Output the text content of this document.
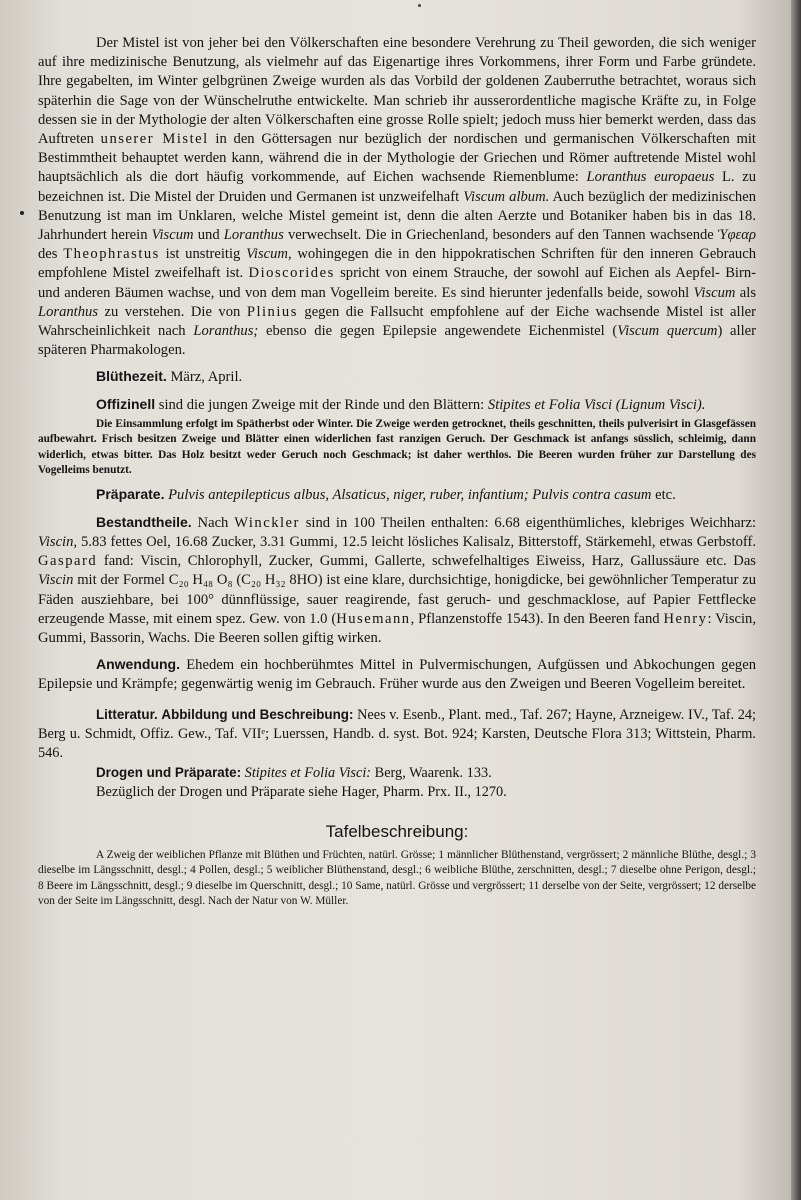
Der Mistel ist von jeher bei den Völkerschaften eine besondere Verehrung zu Theil geworden, die sich weniger auf ihre medizinische Benutzung, als vielmehr auf das Eigenartige ihres Vorkommens, ihrer Form und Farbe gründete. Ihre gegabelten, im Winter gelbgrünen Zweige wurden als das Vorbild der goldenen Zauberruthe betrachtet, woraus sich späterhin die Sage von der Wünschelruthe entwickelte. Man schrieb ihr ausserordentliche magische Kräfte zu, in Folge dessen sie in der Mythologie der alten Völkerschaften eine grosse Rolle spielt; jedoch muss hier bemerkt werden, dass das Auftreten unserer Mistel in den Göttersagen nur bezüglich der nordischen und germanischen Völkerschaften mit Bestimmtheit behauptet werden kann, während die in der Mythologie der Griechen und Römer auftretende Mistel wohl hauptsächlich als die dort häufig vorkommende, auf Eichen wachsende Riemenblume: Loranthus europaeus L. zu bezeichnen ist. Die Mistel der Druiden und Germanen ist unzweifelhaft Viscum album. Auch bezüglich der medizinischen Benutzung ist man im Unklaren, welche Mistel gemeint ist, denn die alten Aerzte und Botaniker haben bis in das 18. Jahrhundert herein Viscum und Loranthus verwechselt. Die in Griechenland, besonders auf den Tannen wachsende Ὑφεαρ des Theophrastus ist unstreitig Viscum, wohingegen die in den hippokratischen Schriften für den inneren Gebrauch empfohlene Mistel zweifelhaft ist. Dioscorides spricht von einem Strauche, der sowohl auf Eichen als Aepfel- Birn- und anderen Bäumen wachse, und von dem man Vogelleim bereite. Es sind hierunter jedenfalls beide, sowohl Viscum als Loranthus zu verstehen. Die von Plinius gegen die Fallsucht empfohlene auf der Eiche wachsende Mistel ist aller Wahrscheinlichkeit nach Loranthus; ebenso die gegen Epilepsie angewendete Eichenmistel (Viscum quercum) aller späteren Pharmakologen.

Blüthezeit. März, April.

Offizinell sind die jungen Zweige mit der Rinde und den Blättern: Stipites et Folia Visci (Lignum Visci).

Die Einsammlung erfolgt im Spätherbst oder Winter. Die Zweige werden getrocknet, theils geschnitten, theils pulverisirt in Glasgefässen aufbewahrt. Frisch besitzen Zweige und Blätter einen widerlichen fast ranzigen Geruch. Der Geschmack ist anfangs süsslich, schleimig, dann widerlich, etwas bitter. Das Holz besitzt weder Geruch noch Geschmack; ist daher werthlos. Die Beeren wurden früher zur Darstellung des Vogelleims benutzt.

Präparate. Pulvis antepilepticus albus, Alsaticus, niger, ruber, infantium; Pulvis contra casum etc.

Bestandtheile. Nach Winckler sind in 100 Theilen enthalten: 6.68 eigenthümliches, klebriges Weichharz: Viscin, 5.83 fettes Oel, 16.68 Zucker, 3.31 Gummi, 12.5 leicht lösliches Kalisalz, Bitterstoff, Stärkemehl, etwas Gerbstoff. Gaspard fand: Viscin, Chlorophyll, Zucker, Gummi, Gallerte, schwefelhaltiges Eiweiss, Harz, Gallussäure etc. Das Viscin mit der Formel C₂₀ H₄₈ O₈ (C₂₀ H₃₂ 8HO) ist eine klare, durchsichtige, honigdicke, bei gewöhnlicher Temperatur zu Fäden ausziehbare, bei 100° dünnflüssige, sauer reagirende, fast geruch- und geschmacklose, auf Papier Fettflecke erzeugende Masse, mit einem spez. Gew. von 1.0 (Husemann, Pflanzenstoffe 1543). In den Beeren fand Henry: Viscin, Gummi, Bassorin, Wachs. Die Beeren sollen giftig wirken.

Anwendung. Ehedem ein hochberühmtes Mittel in Pulvermischungen, Aufgüssen und Abkochungen gegen Epilepsie und Krämpfe; gegenwärtig wenig im Gebrauch. Früher wurde aus den Zweigen und Beeren Vogelleim bereitet.

Litteratur. Abbildung und Beschreibung: Nees v. Esenb., Plant. med., Taf. 267; Hayne, Arzneigew. IV., Taf. 24; Berg u. Schmidt, Offiz. Gew., Taf. VIIᵉ; Luerssen, Handb. d. syst. Bot. 924; Karsten, Deutsche Flora 313; Wittstein, Pharm. 546.

Drogen und Präparate: Stipites et Folia Visci: Berg, Waarenk. 133.

Bezüglich der Drogen und Präparate siehe Hager, Pharm. Prx. II., 1270.

Tafelbeschreibung:

A Zweig der weiblichen Pflanze mit Blüthen und Früchten, natürl. Grösse; 1 männlicher Blüthenstand, vergrössert; 2 männliche Blüthe, desgl.; 3 dieselbe im Längsschnitt, desgl.; 4 Pollen, desgl.; 5 weiblicher Blüthenstand, desgl.; 6 weibliche Blüthe, zerschnitten, desgl.; 7 dieselbe ohne Perigon, desgl.; 8 Beere im Längsschnitt, desgl.; 9 dieselbe im Querschnitt, desgl.; 10 Same, natürl. Grösse und vergrössert; 11 derselbe von der Seite, vergrössert; 12 derselbe von der Seite im Längsschnitt, desgl. Nach der Natur von W. Müller.
